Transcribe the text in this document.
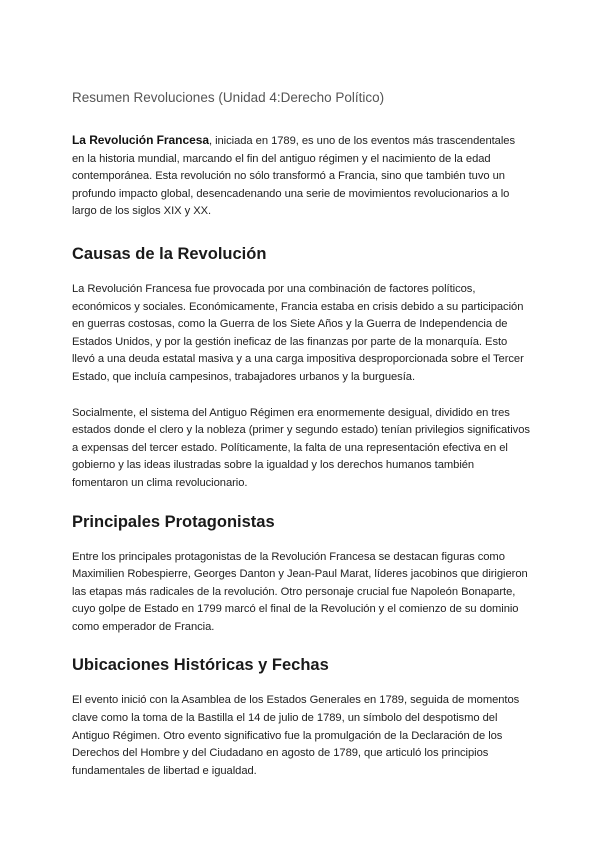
Resumen Revoluciones (Unidad 4:Derecho Político)

La Revolución Francesa, iniciada en 1789, es uno de los eventos más trascendentales en la historia mundial, marcando el fin del antiguo régimen y el nacimiento de la edad contemporánea. Esta revolución no sólo transformó a Francia, sino que también tuvo un profundo impacto global, desencadenando una serie de movimientos revolucionarios a lo largo de los siglos XIX y XX.

Causas de la Revolución

La Revolución Francesa fue provocada por una combinación de factores políticos, económicos y sociales. Económicamente, Francia estaba en crisis debido a su participación en guerras costosas, como la Guerra de los Siete Años y la Guerra de Independencia de Estados Unidos, y por la gestión ineficaz de las finanzas por parte de la monarquía. Esto llevó a una deuda estatal masiva y a una carga impositiva desproporcionada sobre el Tercer Estado, que incluía campesinos, trabajadores urbanos y la burguesía.

Socialmente, el sistema del Antiguo Régimen era enormemente desigual, dividido en tres estados donde el clero y la nobleza (primer y segundo estado) tenían privilegios significativos a expensas del tercer estado. Políticamente, la falta de una representación efectiva en el gobierno y las ideas ilustradas sobre la igualdad y los derechos humanos también fomentaron un clima revolucionario.

Principales Protagonistas

Entre los principales protagonistas de la Revolución Francesa se destacan figuras como Maximilien Robespierre, Georges Danton y Jean-Paul Marat, líderes jacobinos que dirigieron las etapas más radicales de la revolución. Otro personaje crucial fue Napoleón Bonaparte, cuyo golpe de Estado en 1799 marcó el final de la Revolución y el comienzo de su dominio como emperador de Francia.

Ubicaciones Históricas y Fechas

El evento inició con la Asamblea de los Estados Generales en 1789, seguida de momentos clave como la toma de la Bastilla el 14 de julio de 1789, un símbolo del despotismo del Antiguo Régimen. Otro evento significativo fue la promulgación de la Declaración de los Derechos del Hombre y del Ciudadano en agosto de 1789, que articuló los principios fundamentales de libertad e igualdad.
